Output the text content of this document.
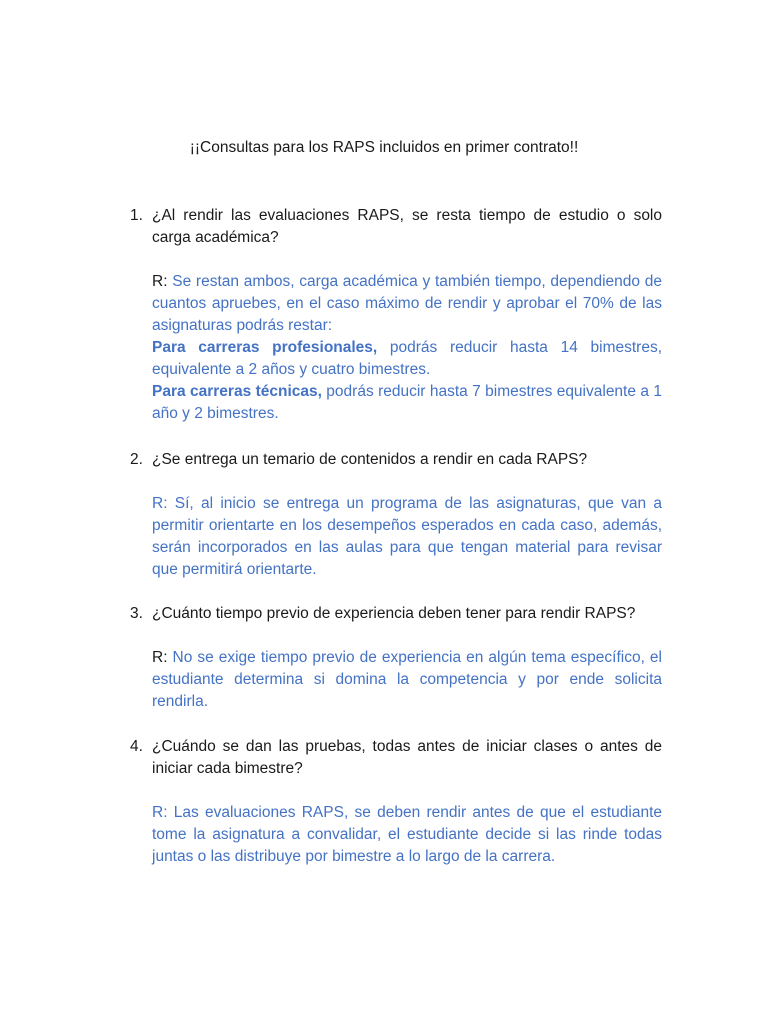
¡¡Consultas para los RAPS incluidos en primer contrato!!
1. ¿Al rendir las evaluaciones RAPS, se resta tiempo de estudio o solo carga académica?

R: Se restan ambos, carga académica y también tiempo, dependiendo de cuantos apruebes, en el caso máximo de rendir y aprobar el 70% de las asignaturas podrás restar:

Para carreras profesionales, podrás reducir hasta 14 bimestres, equivalente a 2 años y cuatro bimestres.

Para carreras técnicas, podrás reducir hasta 7 bimestres equivalente a 1 año y 2 bimestres.

2. ¿Se entrega un temario de contenidos a rendir en cada RAPS?

R: Sí, al inicio se entrega un programa de las asignaturas, que van a permitir orientarte en los desempeños esperados en cada caso, además, serán incorporados en las aulas para que tengan material para revisar que permitirá orientarte.

3. ¿Cuánto tiempo previo de experiencia deben tener para rendir RAPS?

R: No se exige tiempo previo de experiencia en algún tema específico, el estudiante determina si domina la competencia y por ende solicita rendirla.

4. ¿Cuándo se dan las pruebas, todas antes de iniciar clases o antes de iniciar cada bimestre?

R: Las evaluaciones RAPS, se deben rendir antes de que el estudiante tome la asignatura a convalidar, el estudiante decide si las rinde todas juntas o las distribuye por bimestre a lo largo de la carrera.
